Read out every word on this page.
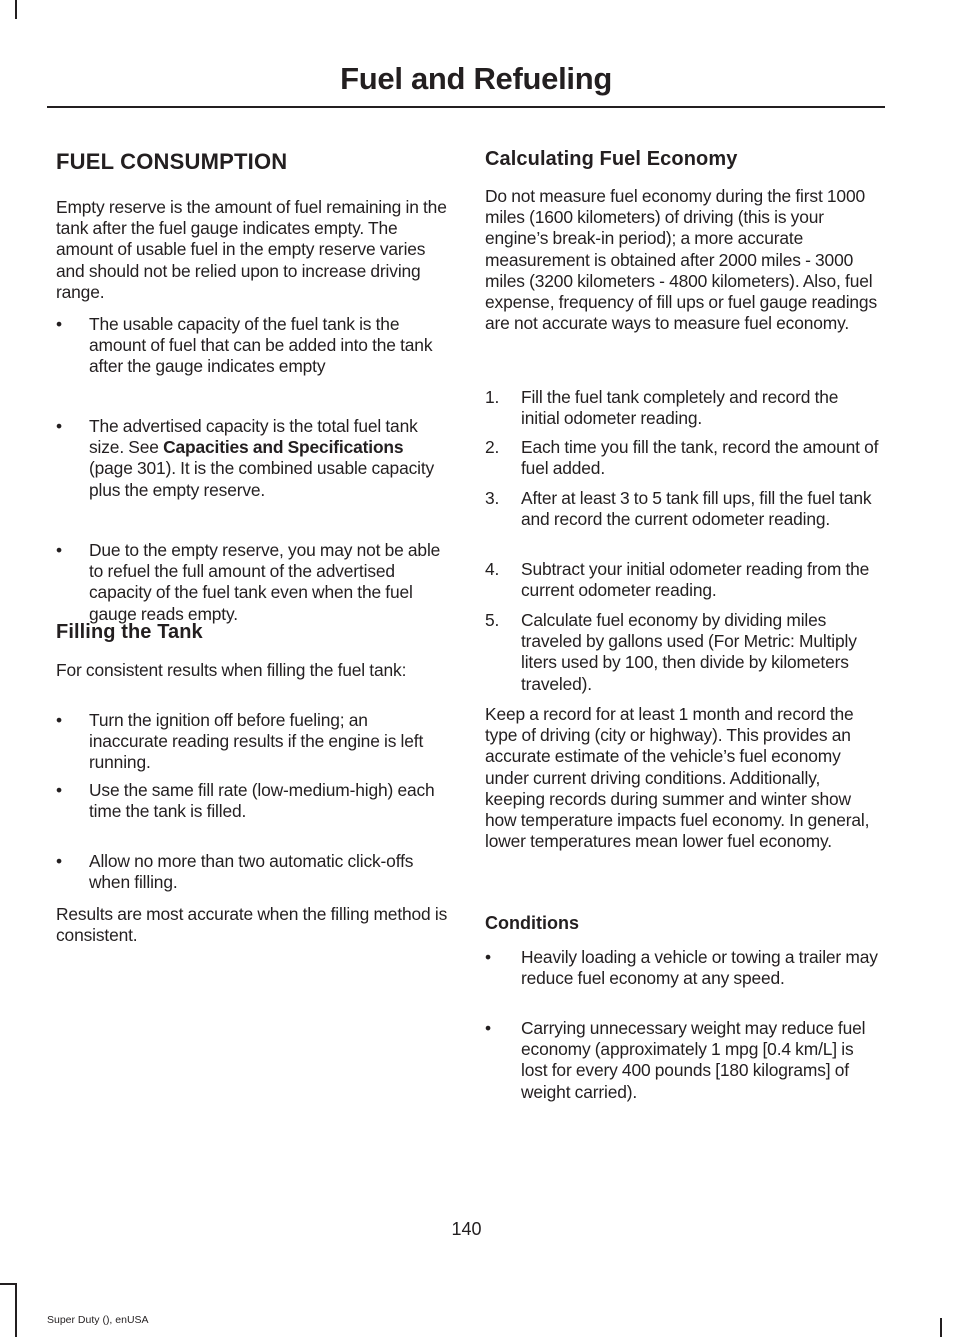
Fuel and Refueling
FUEL CONSUMPTION
Empty reserve is the amount of fuel remaining in the tank after the fuel gauge indicates empty. The amount of usable fuel in the empty reserve varies and should not be relied upon to increase driving range.
• The usable capacity of the fuel tank is the amount of fuel that can be added into the tank after the gauge indicates empty
• The advertised capacity is the total fuel tank size. See Capacities and Specifications (page 301). It is the combined usable capacity plus the empty reserve.
• Due to the empty reserve, you may not be able to refuel the full amount of the advertised capacity of the fuel tank even when the fuel gauge reads empty.
Filling the Tank
For consistent results when filling the fuel tank:
• Turn the ignition off before fueling; an inaccurate reading results if the engine is left running.
• Use the same fill rate (low-medium-high) each time the tank is filled.
• Allow no more than two automatic click-offs when filling.
Results are most accurate when the filling method is consistent.
Calculating Fuel Economy
Do not measure fuel economy during the first 1000 miles (1600 kilometers) of driving (this is your engine’s break-in period); a more accurate measurement is obtained after 2000 miles - 3000 miles (3200 kilometers - 4800 kilometers). Also, fuel expense, frequency of fill ups or fuel gauge readings are not accurate ways to measure fuel economy.
1. Fill the fuel tank completely and record the initial odometer reading.
2. Each time you fill the tank, record the amount of fuel added.
3. After at least 3 to 5 tank fill ups, fill the fuel tank and record the current odometer reading.
4. Subtract your initial odometer reading from the current odometer reading.
5. Calculate fuel economy by dividing miles traveled by gallons used (For Metric: Multiply liters used by 100, then divide by kilometers traveled).
Keep a record for at least 1 month and record the type of driving (city or highway). This provides an accurate estimate of the vehicle’s fuel economy under current driving conditions. Additionally, keeping records during summer and winter show how temperature impacts fuel economy. In general, lower temperatures mean lower fuel economy.
Conditions
• Heavily loading a vehicle or towing a trailer may reduce fuel economy at any speed.
• Carrying unnecessary weight may reduce fuel economy (approximately 1 mpg [0.4 km/L] is lost for every 400 pounds [180 kilograms] of weight carried).
140
Super Duty (), enUSA
